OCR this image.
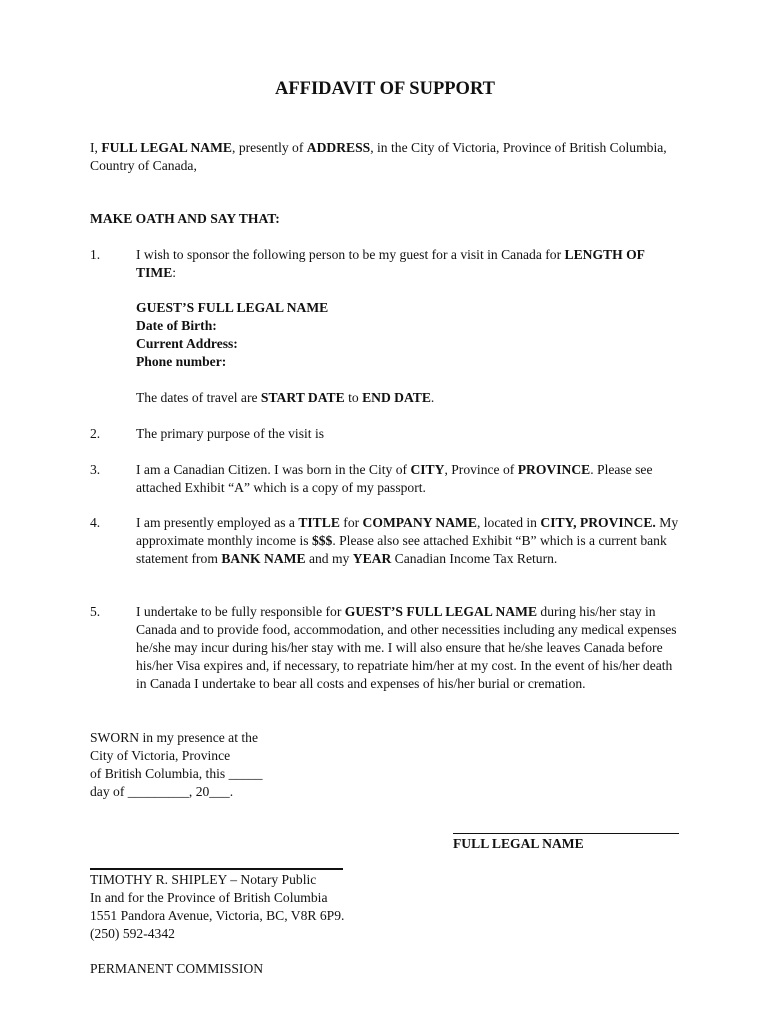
AFFIDAVIT OF SUPPORT
I, FULL LEGAL NAME, presently of ADDRESS, in the City of Victoria, Province of British Columbia, Country of Canada,
MAKE OATH AND SAY THAT:
1.	I wish to sponsor the following person to be my guest for a visit in Canada for LENGTH OF TIME:
GUEST’S FULL LEGAL NAME
Date of Birth:
Current Address:
Phone number:
The dates of travel are START DATE to END DATE.
2.	The primary purpose of the visit is
3.	I am a Canadian Citizen. I was born in the City of CITY, Province of PROVINCE. Please see attached Exhibit “A” which is a copy of my passport.
4.	I am presently employed as a TITLE for COMPANY NAME, located in CITY, PROVINCE. My approximate monthly income is $$$. Please also see attached Exhibit “B” which is a current bank statement from BANK NAME and my YEAR Canadian Income Tax Return.
5.	I undertake to be fully responsible for GUEST’S FULL LEGAL NAME during his/her stay in Canada and to provide food, accommodation, and other necessities including any medical expenses he/she may incur during his/her stay with me. I will also ensure that he/she leaves Canada before his/her Visa expires and, if necessary, to repatriate him/her at my cost. In the event of his/her death in Canada I undertake to bear all costs and expenses of his/her burial or cremation.
SWORN in my presence at the
City of Victoria, Province
of British Columbia, this _____
day of _________, 20___.
FULL LEGAL NAME
TIMOTHY R. SHIPLEY – Notary Public
In and for the Province of British Columbia
1551 Pandora Avenue, Victoria, BC, V8R 6P9.
(250) 592-4342
PERMANENT COMMISSION
